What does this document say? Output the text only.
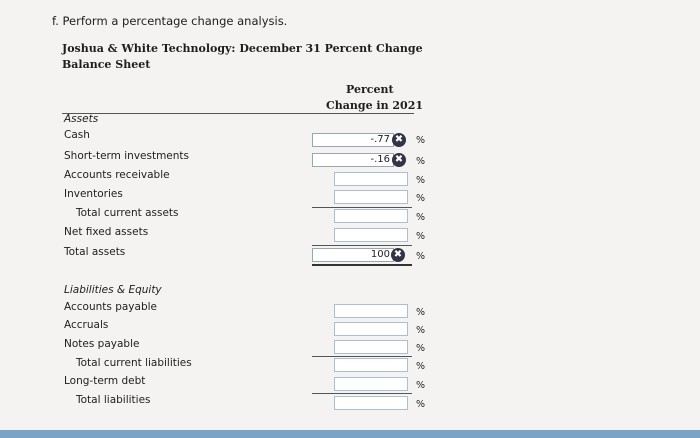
f. Perform a percentage change analysis.
Joshua & White Technology: December 31 Percent Change
Balance Sheet
Percent
Change in 2021
Assets
Cash	-.77 ✖ %
Short-term investments	-.16 ✖ %
Accounts receivable	%
Inventories	%
Total current assets	%
Net fixed assets	%
Total assets	100 ✖ %
Liabilities & Equity
Accounts payable	%
Accruals	%
Notes payable	%
Total current liabilities	%
Long-term debt	%
Total liabilities	%
